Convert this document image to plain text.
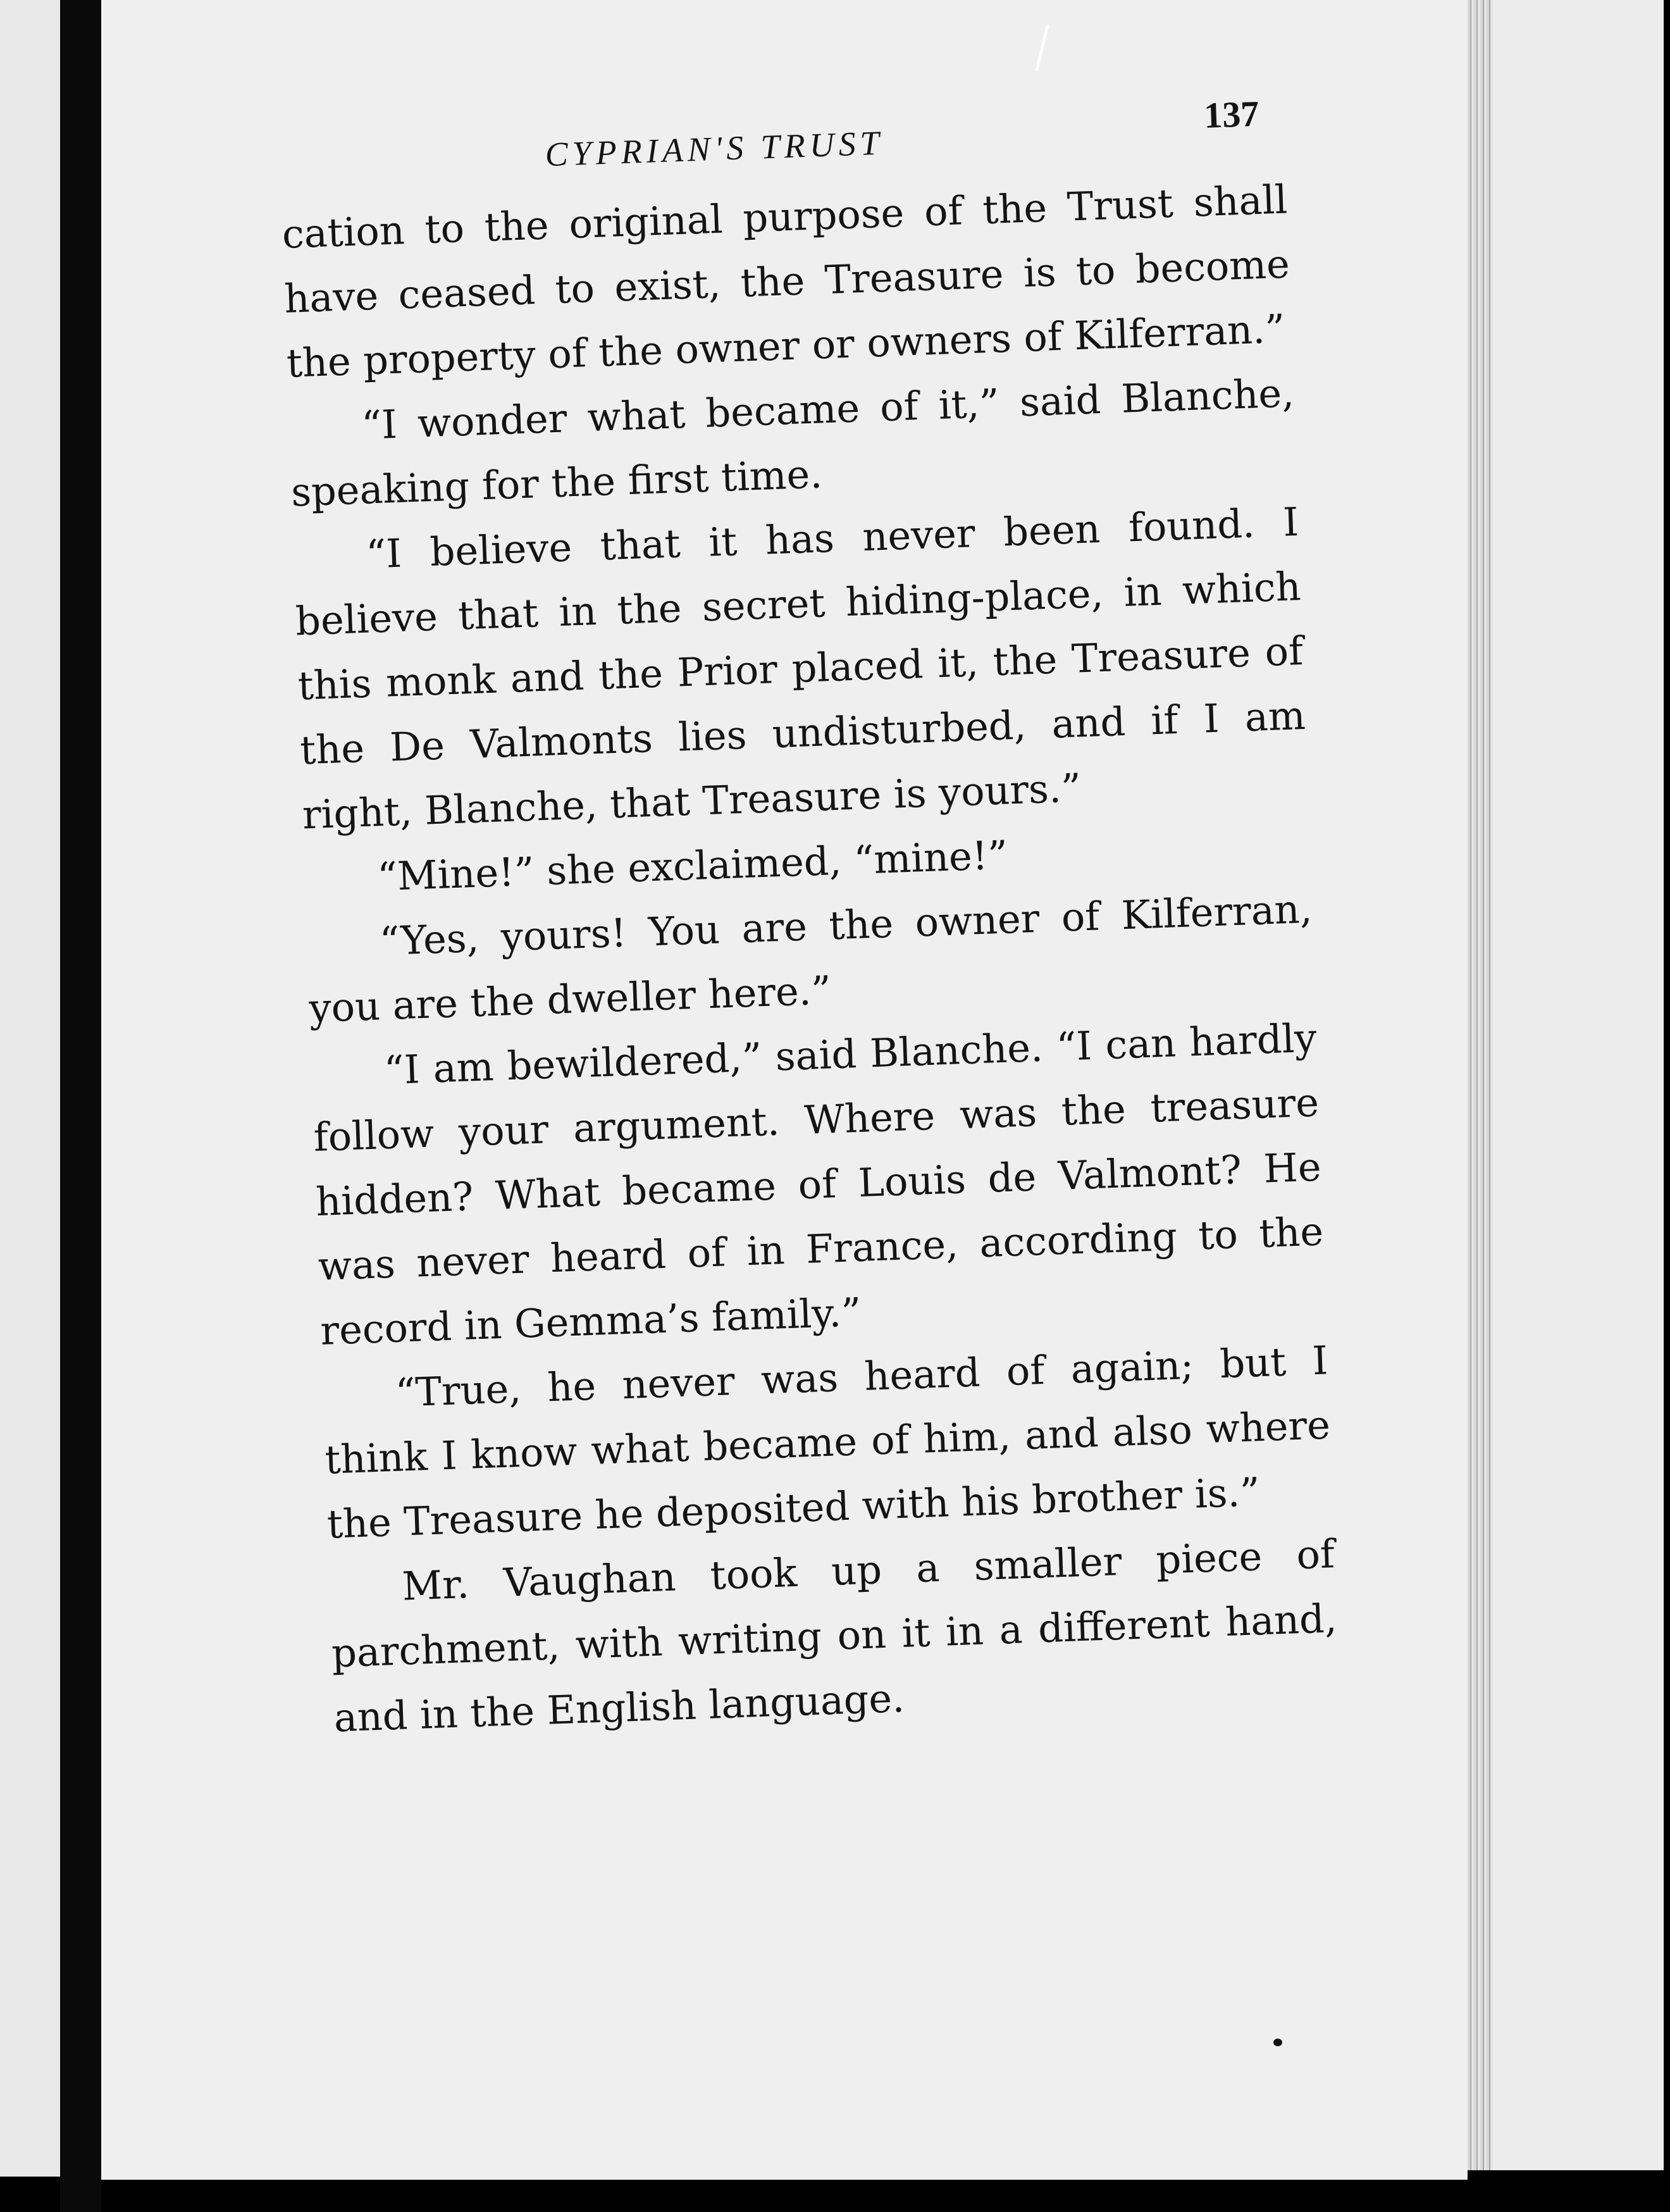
CYPRIAN'S TRUST
137

cation to the original purpose of the Trust shall have ceased to exist, the Treasure is to become the property of the owner or owners of Kilferran.”

“I wonder what became of it,” said Blanche, speaking for the first time.

“I believe that it has never been found. I believe that in the secret hiding-place, in which this monk and the Prior placed it, the Treasure of the De Valmonts lies undisturbed, and if I am right, Blanche, that Treasure is yours.”

“Mine!” she exclaimed, “mine!”

“Yes, yours! You are the owner of Kilferran, you are the dweller here.”

“I am bewildered,” said Blanche. “I can hardly follow your argument. Where was the treasure hidden? What became of Louis de Valmont? He was never heard of in France, according to the record in Gemma’s family.”

“True, he never was heard of again; but I think I know what became of him, and also where the Treasure he deposited with his brother is.”

Mr. Vaughan took up a smaller piece of parchment, with writing on it in a different hand, and in the English language.
